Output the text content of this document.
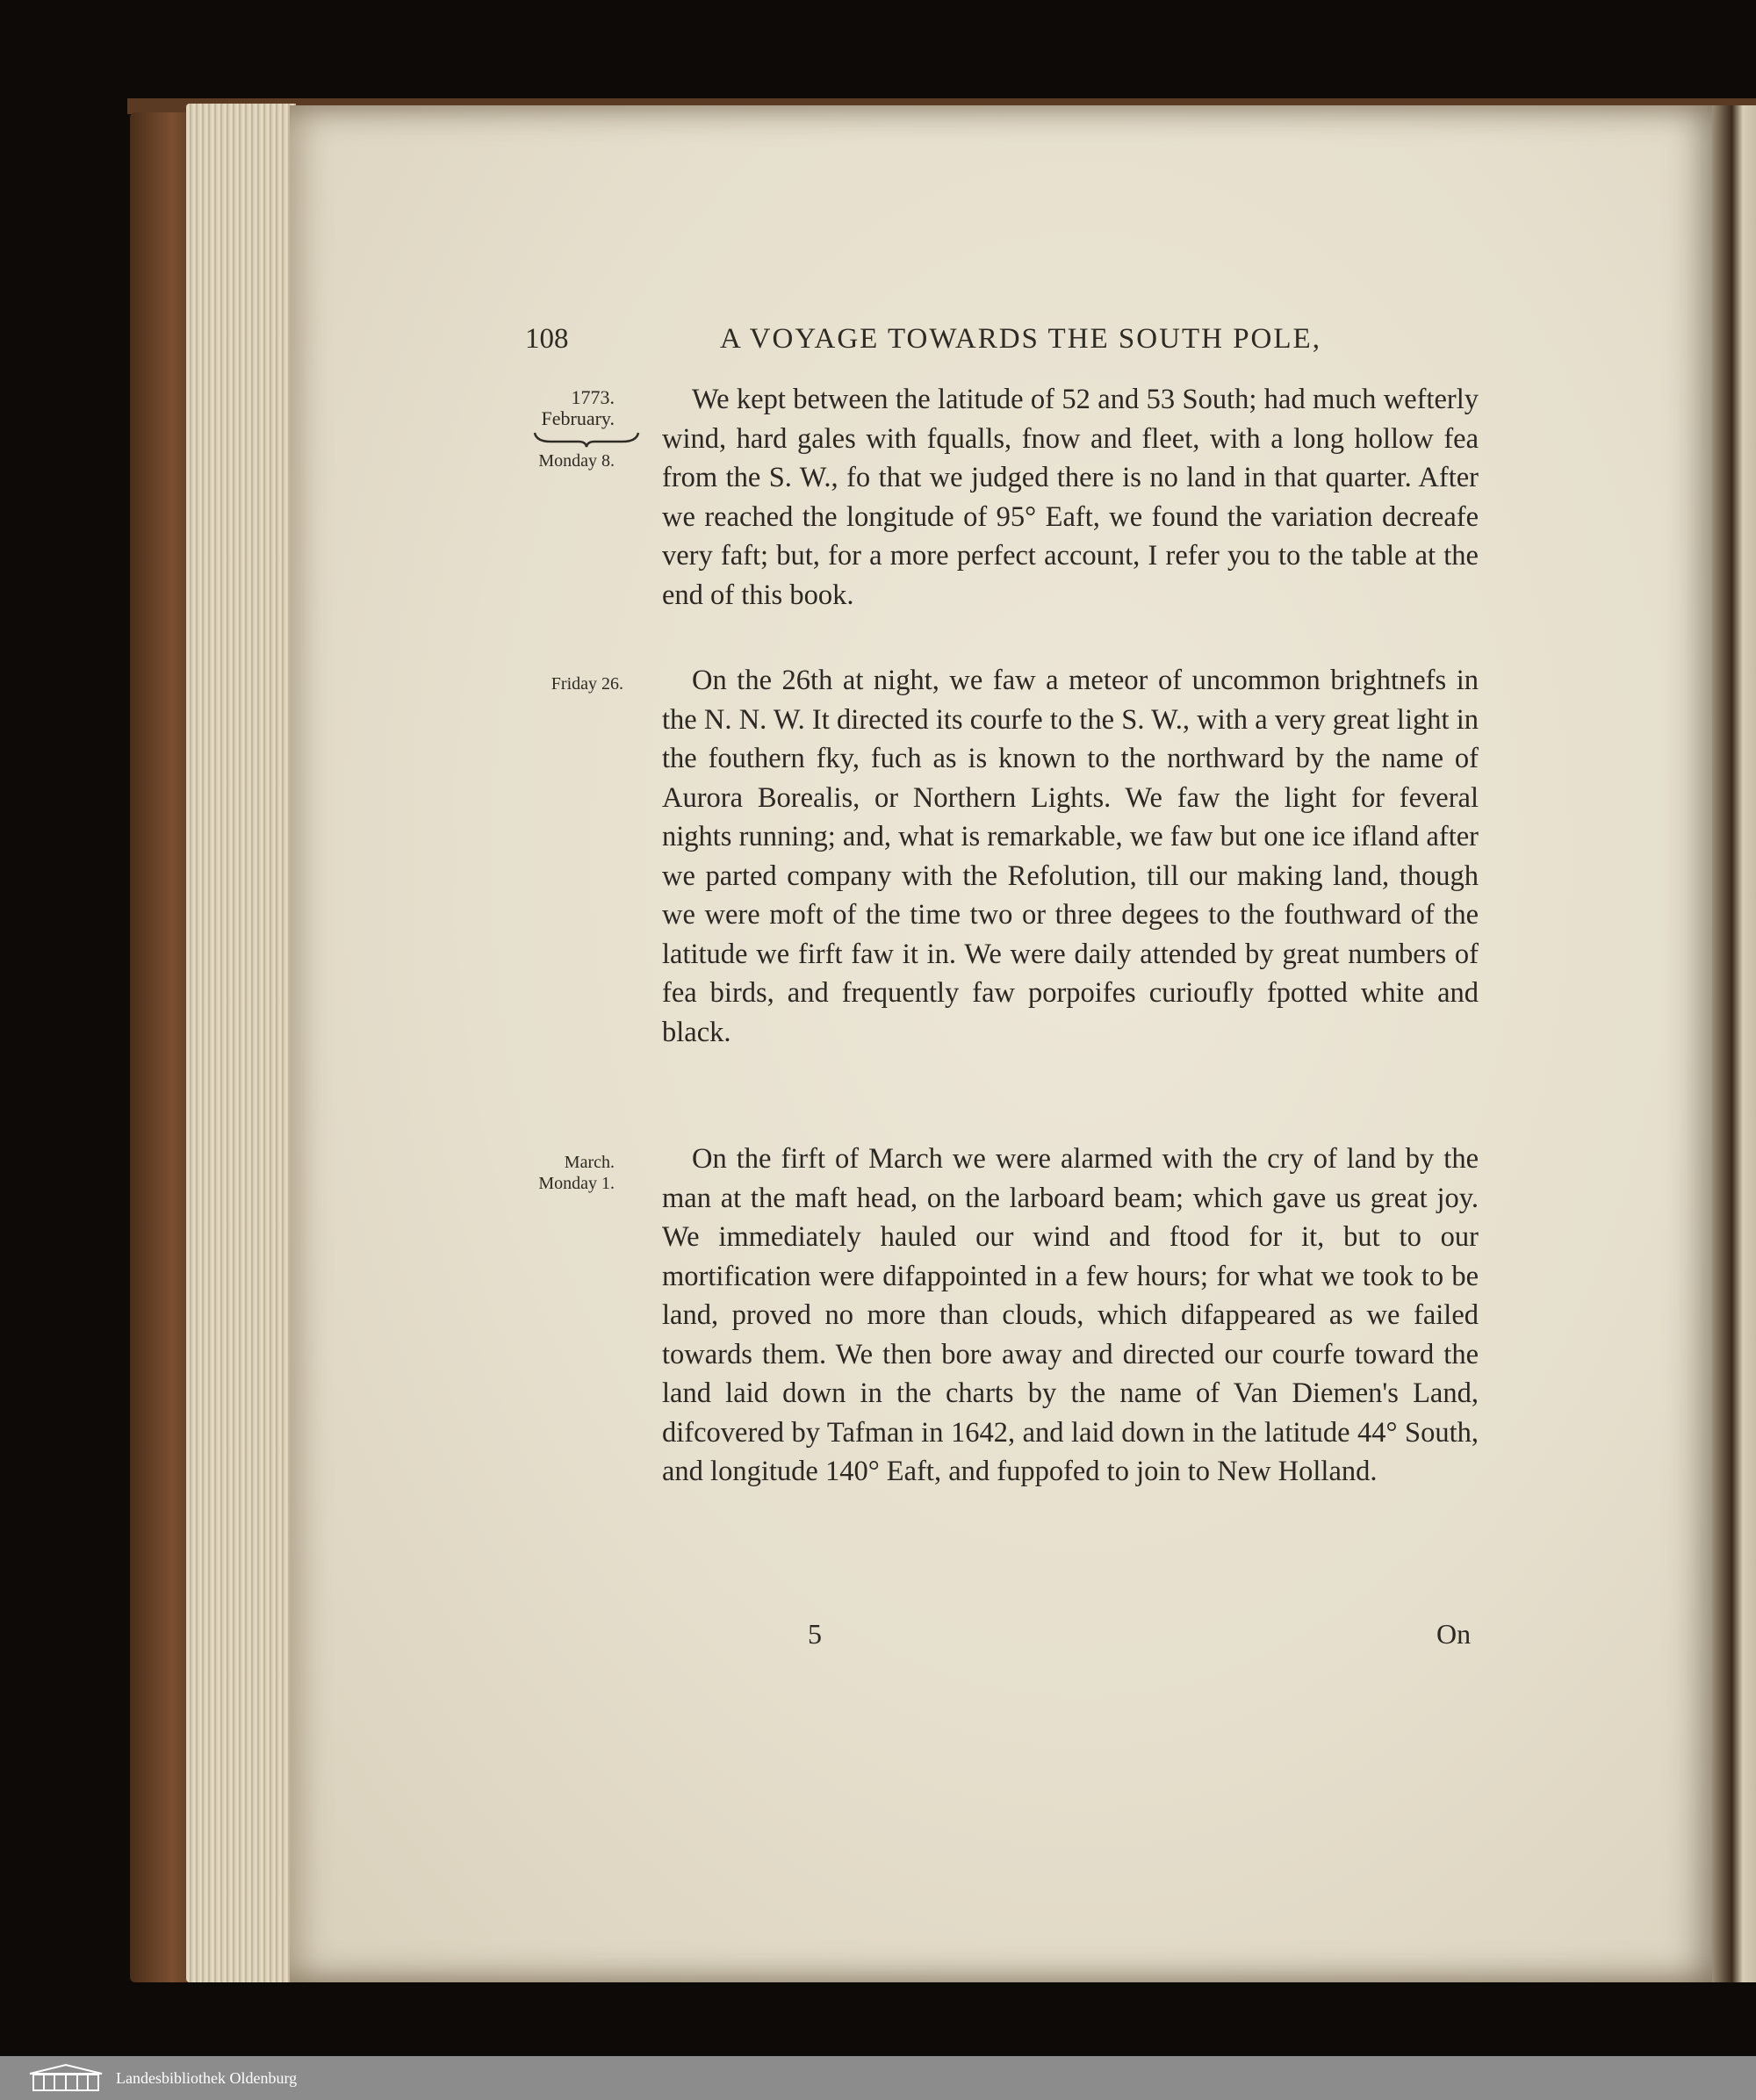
108	A VOYAGE TOWARDS THE SOUTH POLE,
1773.
February.
Monday 8.
Friday 26.
March.
Monday 1.

We kept between the latitude of 52 and 53 South; had much wefterly wind, hard gales with fqualls, fnow and fleet, with a long hollow fea from the S. W., fo that we judged there is no land in that quarter. After we reached the longitude of 95° Eaft, we found the variation decreafe very faft; but, for a more perfect account, I refer you to the table at the end of this book.

On the 26th at night, we faw a meteor of uncommon brightnefs in the N. N. W. It directed its courfe to the S. W., with a very great light in the fouthern fky, fuch as is known to the northward by the name of Aurora Borealis, or Northern Lights. We faw the light for feveral nights running; and, what is remarkable, we faw but one ice ifland after we parted company with the Refolution, till our making land, though we were moft of the time two or three degees to the fouthward of the latitude we firft faw it in. We were daily attended by great numbers of fea birds, and frequently faw porpoifes curioufly fpotted white and black.

On the firft of March we were alarmed with the cry of land by the man at the maft head, on the larboard beam; which gave us great joy. We immediately hauled our wind and ftood for it, but to our mortification were difappointed in a few hours; for what we took to be land, proved no more than clouds, which difappeared as we failed towards them. We then bore away and directed our courfe toward the land laid down in the charts by the name of Van Diemen's Land, difcovered by Tafman in 1642, and laid down in the latitude 44° South, and longitude 140° Eaft, and fuppofed to join to New Holland.

5	On
Landesbibliothek Oldenburg
